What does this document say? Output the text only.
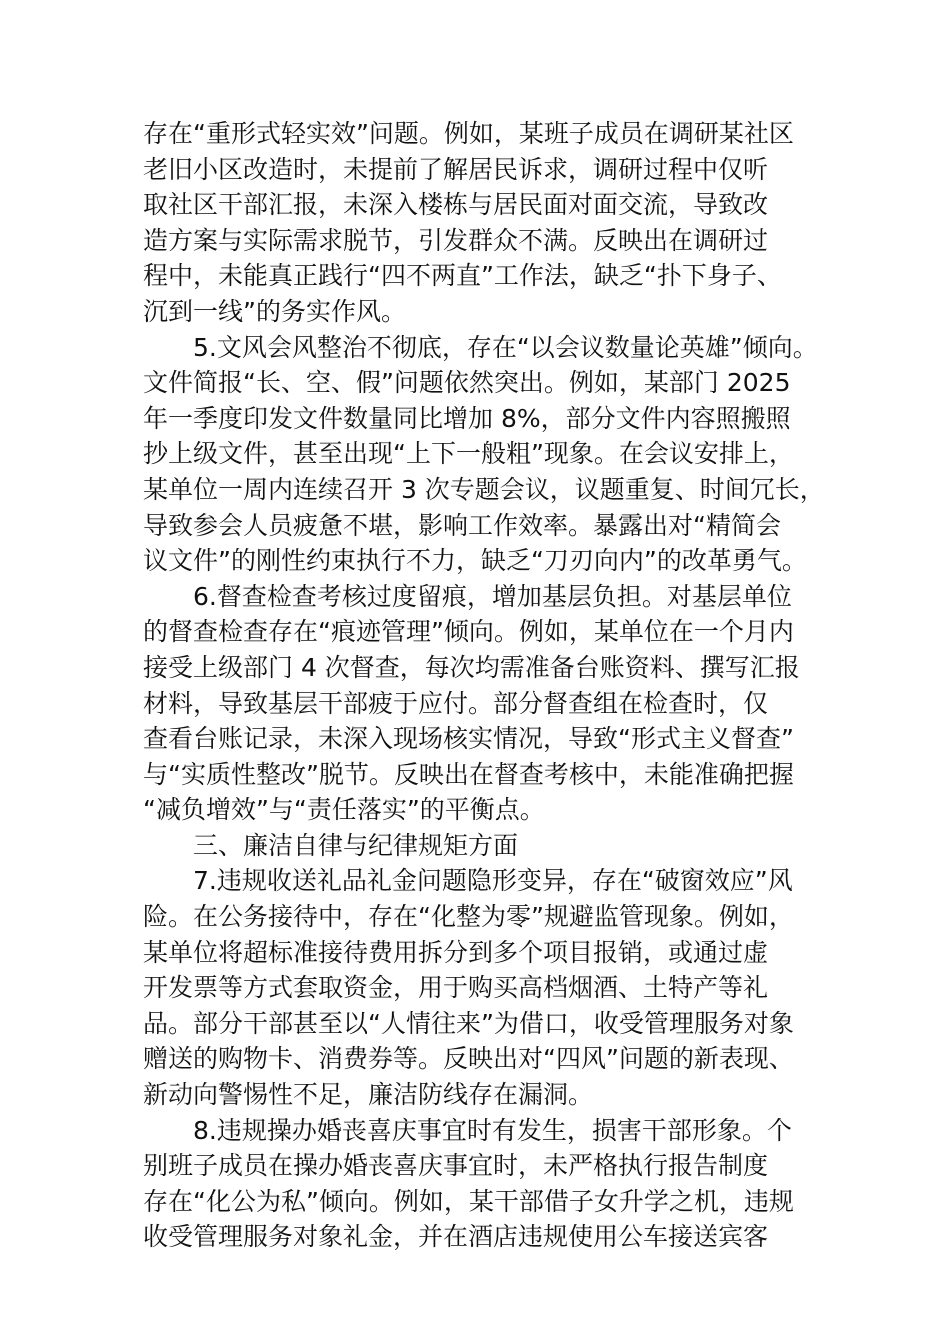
存在“重形式轻实效”问题。例如，某班子成员在调研某社区
老旧小区改造时，未提前了解居民诉求，调研过程中仅听
取社区干部汇报，未深入楼栋与居民面对面交流，导致改
造方案与实际需求脱节，引发群众不满。反映出在调研过
程中，未能真正践行“四不两直”工作法，缺乏“扑下身子、
沉到一线”的务实作风。
5.文风会风整治不彻底，存在“以会议数量论英雄”倾向。
文件简报“长、空、假”问题依然突出。例如，某部门 2025
年一季度印发文件数量同比增加 8%，部分文件内容照搬照
抄上级文件，甚至出现“上下一般粗”现象。在会议安排上，
某单位一周内连续召开 3 次专题会议，议题重复、时间冗长，
导致参会人员疲惫不堪，影响工作效率。暴露出对“精简会
议文件”的刚性约束执行不力，缺乏“刀刃向内”的改革勇气。
6.督查检查考核过度留痕，增加基层负担。对基层单位
的督查检查存在“痕迹管理”倾向。例如，某单位在一个月内
接受上级部门 4 次督查，每次均需准备台账资料、撰写汇报
材料，导致基层干部疲于应付。部分督查组在检查时，仅
查看台账记录，未深入现场核实情况，导致“形式主义督查”
与“实质性整改”脱节。反映出在督查考核中，未能准确把握
“减负增效”与“责任落实”的平衡点。
三、廉洁自律与纪律规矩方面
7.违规收送礼品礼金问题隐形变异，存在“破窗效应”风
险。在公务接待中，存在“化整为零”规避监管现象。例如，
某单位将超标准接待费用拆分到多个项目报销，或通过虚
开发票等方式套取资金，用于购买高档烟酒、土特产等礼
品。部分干部甚至以“人情往来”为借口，收受管理服务对象
赠送的购物卡、消费券等。反映出对“四风”问题的新表现、
新动向警惕性不足，廉洁防线存在漏洞。
8.违规操办婚丧喜庆事宜时有发生，损害干部形象。个
别班子成员在操办婚丧喜庆事宜时，未严格执行报告制度
存在“化公为私”倾向。例如，某干部借子女升学之机，违规
收受管理服务对象礼金，并在酒店违规使用公车接送宾客
